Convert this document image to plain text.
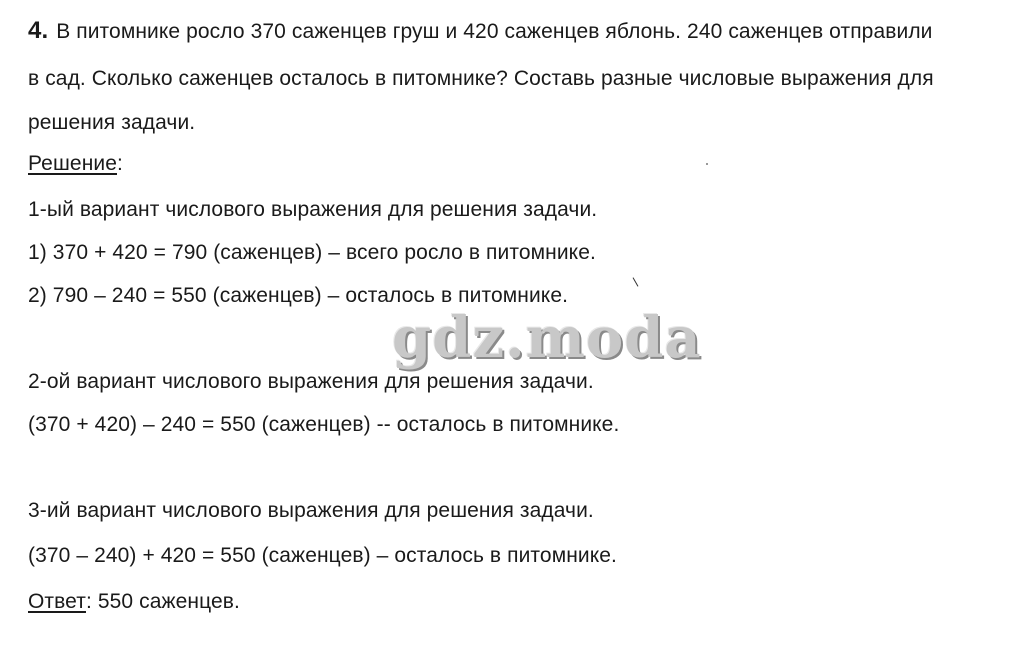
4. В питомнике росло 370 саженцев груш и 420 саженцев яблонь. 240 саженцев отправили
в сад. Сколько саженцев осталось в питомнике? Составь разные числовые выражения для
решения задачи.
Решение:
1-ый вариант числового выражения для решения задачи.
1) 370 + 420 = 790 (саженцев) – всего росло в питомнике.
2) 790 – 240 = 550 (саженцев) – осталось в питомнике.
gdz.moda
2-ой вариант числового выражения для решения задачи.
(370 + 420) – 240 = 550 (саженцев) -- осталось в питомнике.
3-ий вариант числового выражения для решения задачи.
(370 – 240) + 420 = 550 (саженцев) – осталось в питомнике.
Ответ: 550 саженцев.
